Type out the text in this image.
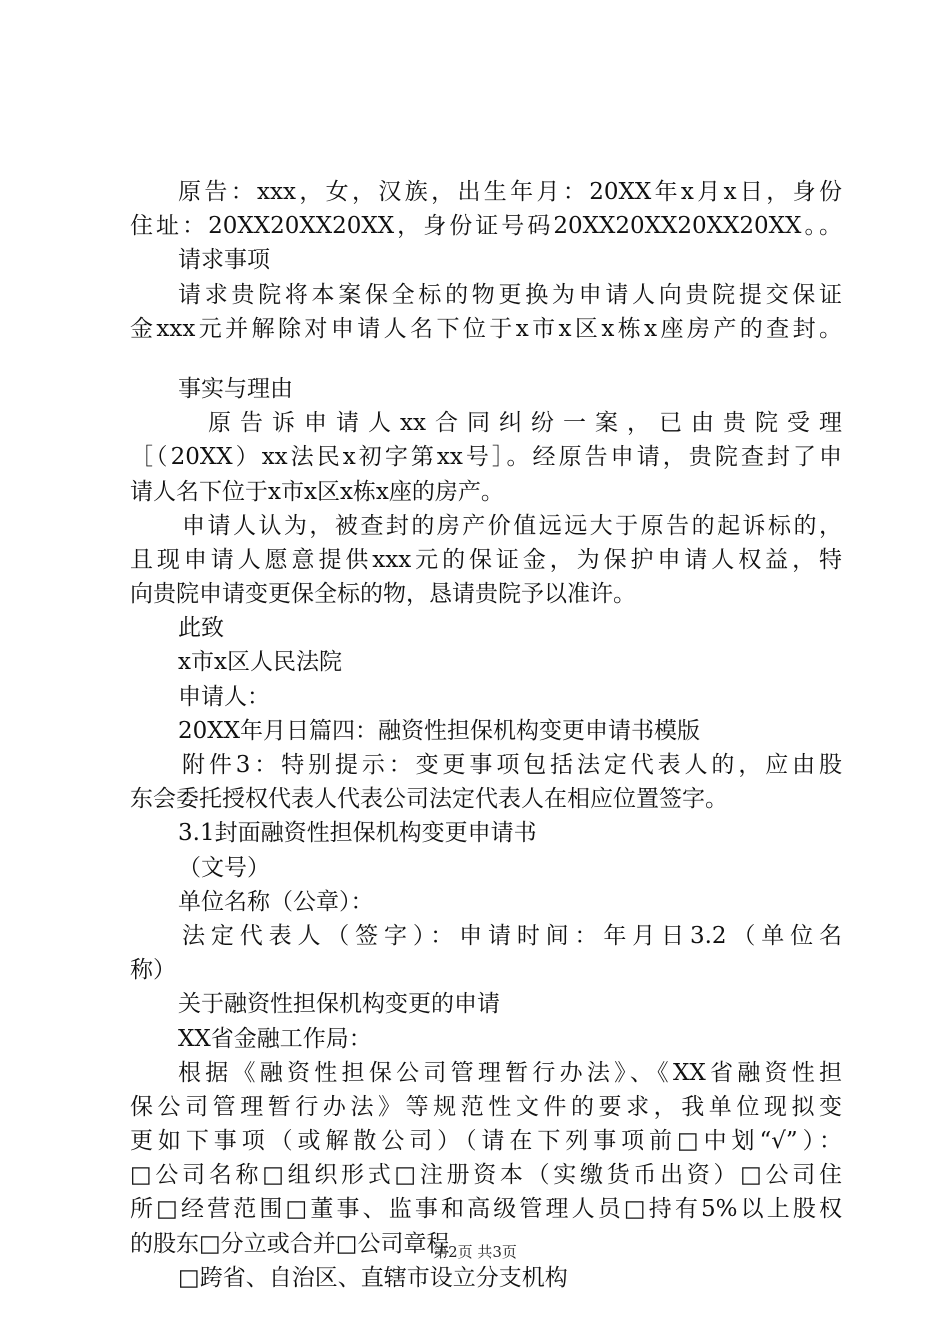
原告：xxx，女，汉族，出生年月：20XX年x月x日，身份
住址：20XX20XX20XX，身份证号码20XX20XX20XX20XX。。
请求事项
请求贵院将本案保全标的物更换为申请人向贵院提交保证
金xxx元并解除对申请人名下位于x市x区x栋x座房产的查封。
事实与理由
原告诉申请人xx合同纠纷一案，已由贵院受理
［（20XX）xx法民x初字第xx号］。经原告申请，贵院查封了申
请人名下位于x市x区x栋x座的房产。
申请人认为，被查封的房产价值远远大于原告的起诉标的，
且现申请人愿意提供xxx元的保证金，为保护申请人权益，特
向贵院申请变更保全标的物，恳请贵院予以准许。
此致
x市x区人民法院
申请人：
20XX年月日篇四：融资性担保机构变更申请书模版
附件3：特别提示：变更事项包括法定代表人的，应由股
东会委托授权代表人代表公司法定代表人在相应位置签字。
3.1封面融资性担保机构变更申请书
（文号）
单位名称（公章）：
法定代表人（签字）：申请时间：年月日3.2（单位名
称）
关于融资性担保机构变更的申请
XX省金融工作局：
根据《融资性担保公司管理暂行办法》、《XX省融资性担
保公司管理暂行办法》等规范性文件的要求，我单位现拟变
更如下事项（或解散公司）（请在下列事项前□中划“√”）：
□公司名称□组织形式□注册资本（实缴货币出资）□公司住
所□经营范围□董事、监事和高级管理人员□持有5%以上股权
的股东□分立或合并□公司章程
□跨省、自治区、直辖市设立分支机构
第2页 共3页
